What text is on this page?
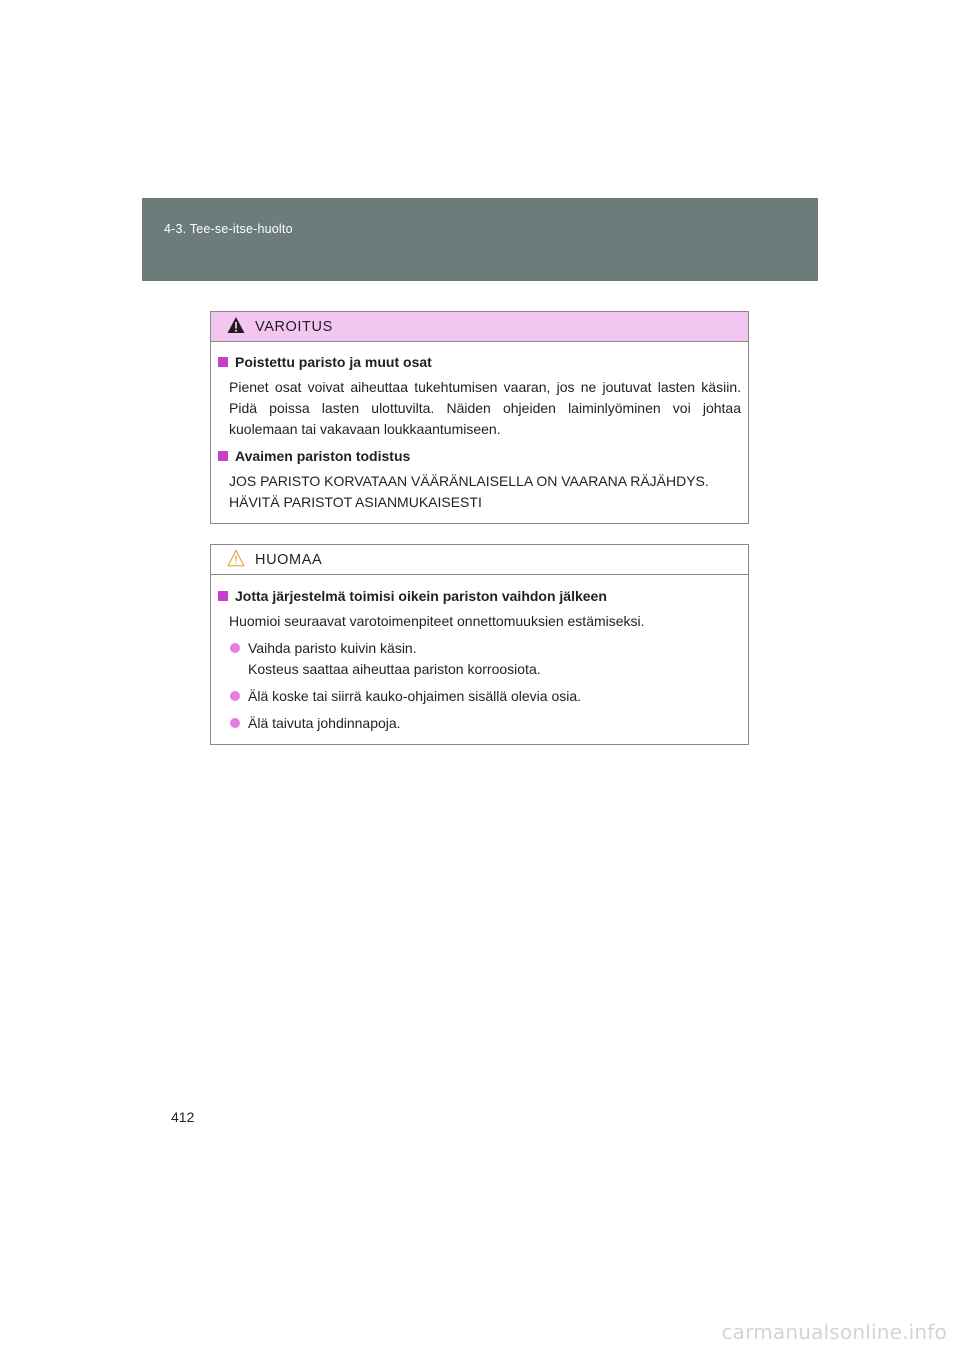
4-3. Tee-se-itse-huolto
VAROITUS
Poistettu paristo ja muut osat
Pienet osat voivat aiheuttaa tukehtumisen vaaran, jos ne joutuvat lasten käsiin. Pidä poissa lasten ulottuvilta. Näiden ohjeiden laiminlyöminen voi johtaa kuolemaan tai vakavaan loukkaantumiseen.
Avaimen pariston todistus
JOS PARISTO KORVATAAN VÄÄRÄNLAISELLA ON VAARANA RÄJÄHDYS.
HÄVITÄ PARISTOT ASIANMUKAISESTI
HUOMAA
Jotta järjestelmä toimisi oikein pariston vaihdon jälkeen
Huomioi seuraavat varotoimenpiteet onnettomuuksien estämiseksi.
Vaihda paristo kuivin käsin.
Kosteus saattaa aiheuttaa pariston korroosiota.
Älä koske tai siirrä kauko-ohjaimen sisällä olevia osia.
Älä taivuta johdinnapoja.
412
carmanualsonline.info
